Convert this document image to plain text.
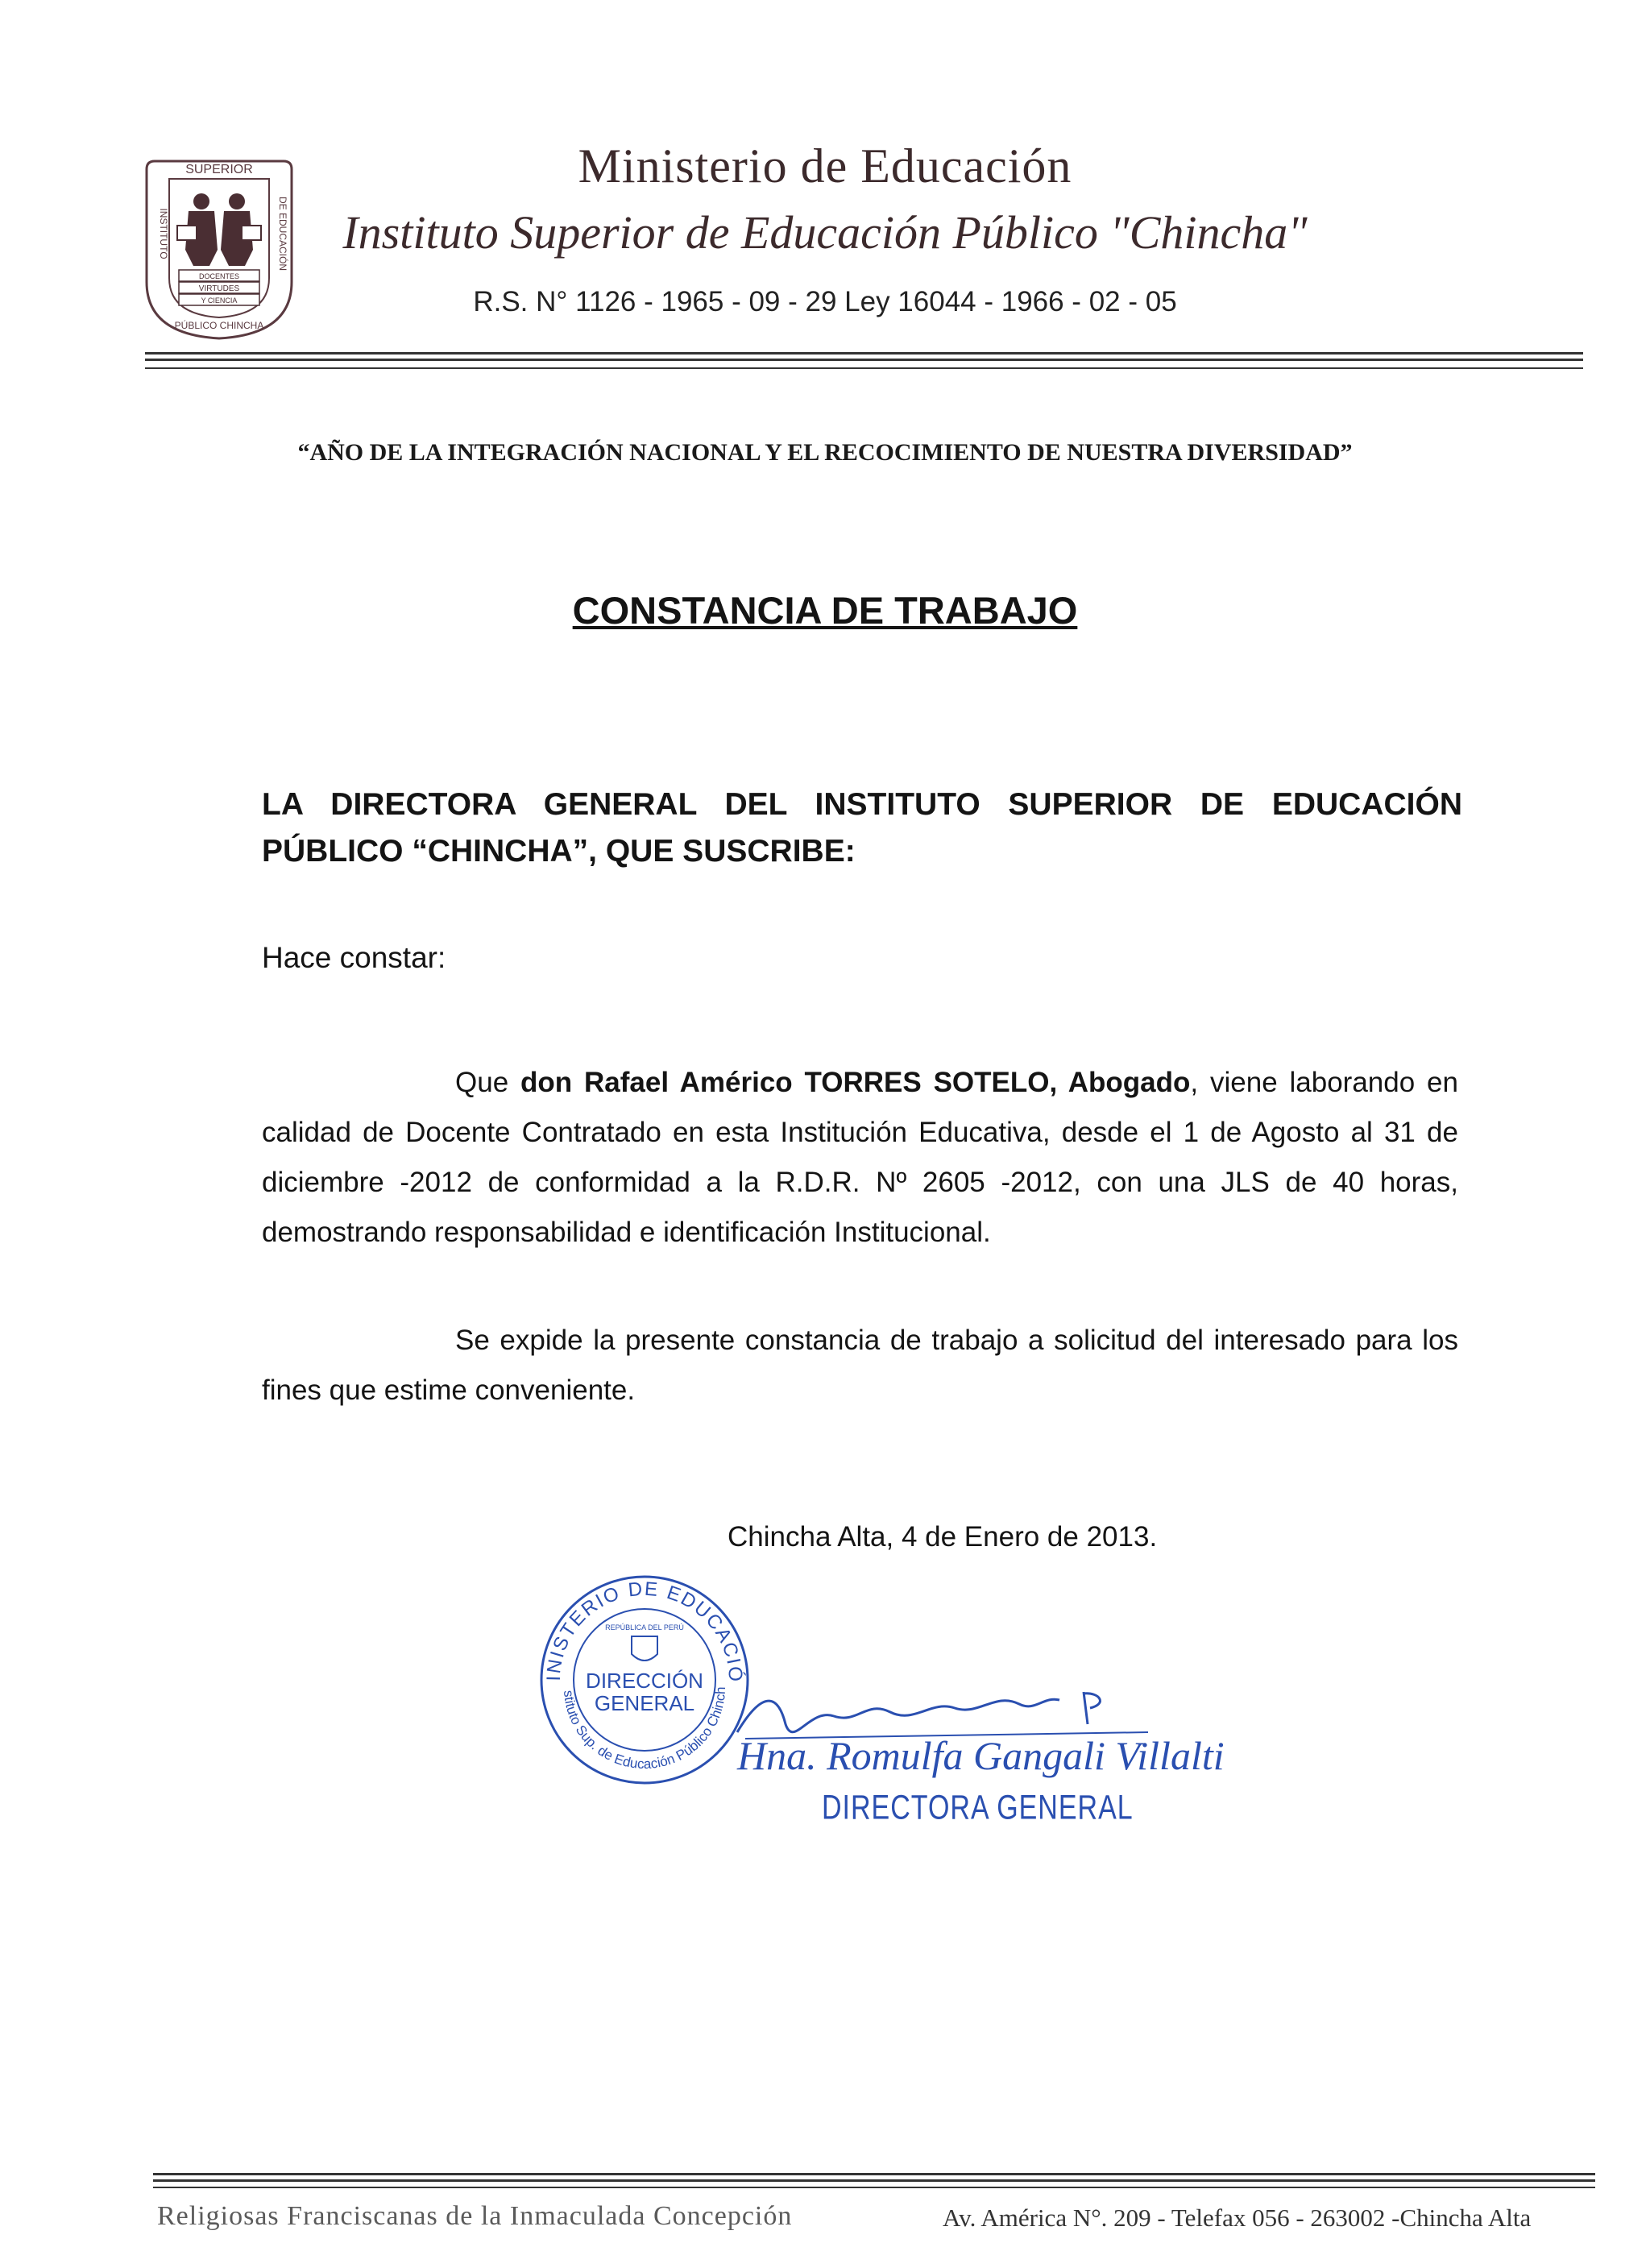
SUPERIOR
INSTITUTO	DE EDUCACIÓN
PÚBLICO CHINCHA
DOCENTES
VIRTUDES
Y CIENCIA
Ministerio de Educación
Instituto Superior de Educación Público "Chincha"
R.S. N° 1126 - 1965 - 09 - 29 Ley 16044 - 1966 - 02 - 05
“AÑO DE LA INTEGRACIÓN NACIONAL Y EL RECOCIMIENTO DE NUESTRA DIVERSIDAD”
CONSTANCIA DE TRABAJO
LA DIRECTORA GENERAL DEL INSTITUTO SUPERIOR DE EDUCACIÓN PÚBLICO “CHINCHA”, QUE SUSCRIBE:
Hace constar:
Que don Rafael Américo TORRES SOTELO, Abogado, viene laborando en calidad de Docente Contratado en esta Institución Educativa, desde el 1 de Agosto al 31 de diciembre -2012 de conformidad a la R.D.R. Nº 2605 -2012, con una JLS de 40 horas, demostrando responsabilidad e identificación Institucional.
Se expide la presente constancia de trabajo a solicitud del interesado para los fines que estime conveniente.
Chincha Alta, 4 de Enero de 2013.
INISTERIO DE EDUCACIÓ
stituto Sup. de Educación Público Chinch
REPÚBLICA DEL PERÚ
DIRECCIÓN
GENERAL
Hna. Romulfa Gangali Villalti
DIRECTORA GENERAL
Religiosas Franciscanas de la Inmaculada Concepción	Av. América N°. 209 - Telefax 056 - 263002 -Chincha Alta
